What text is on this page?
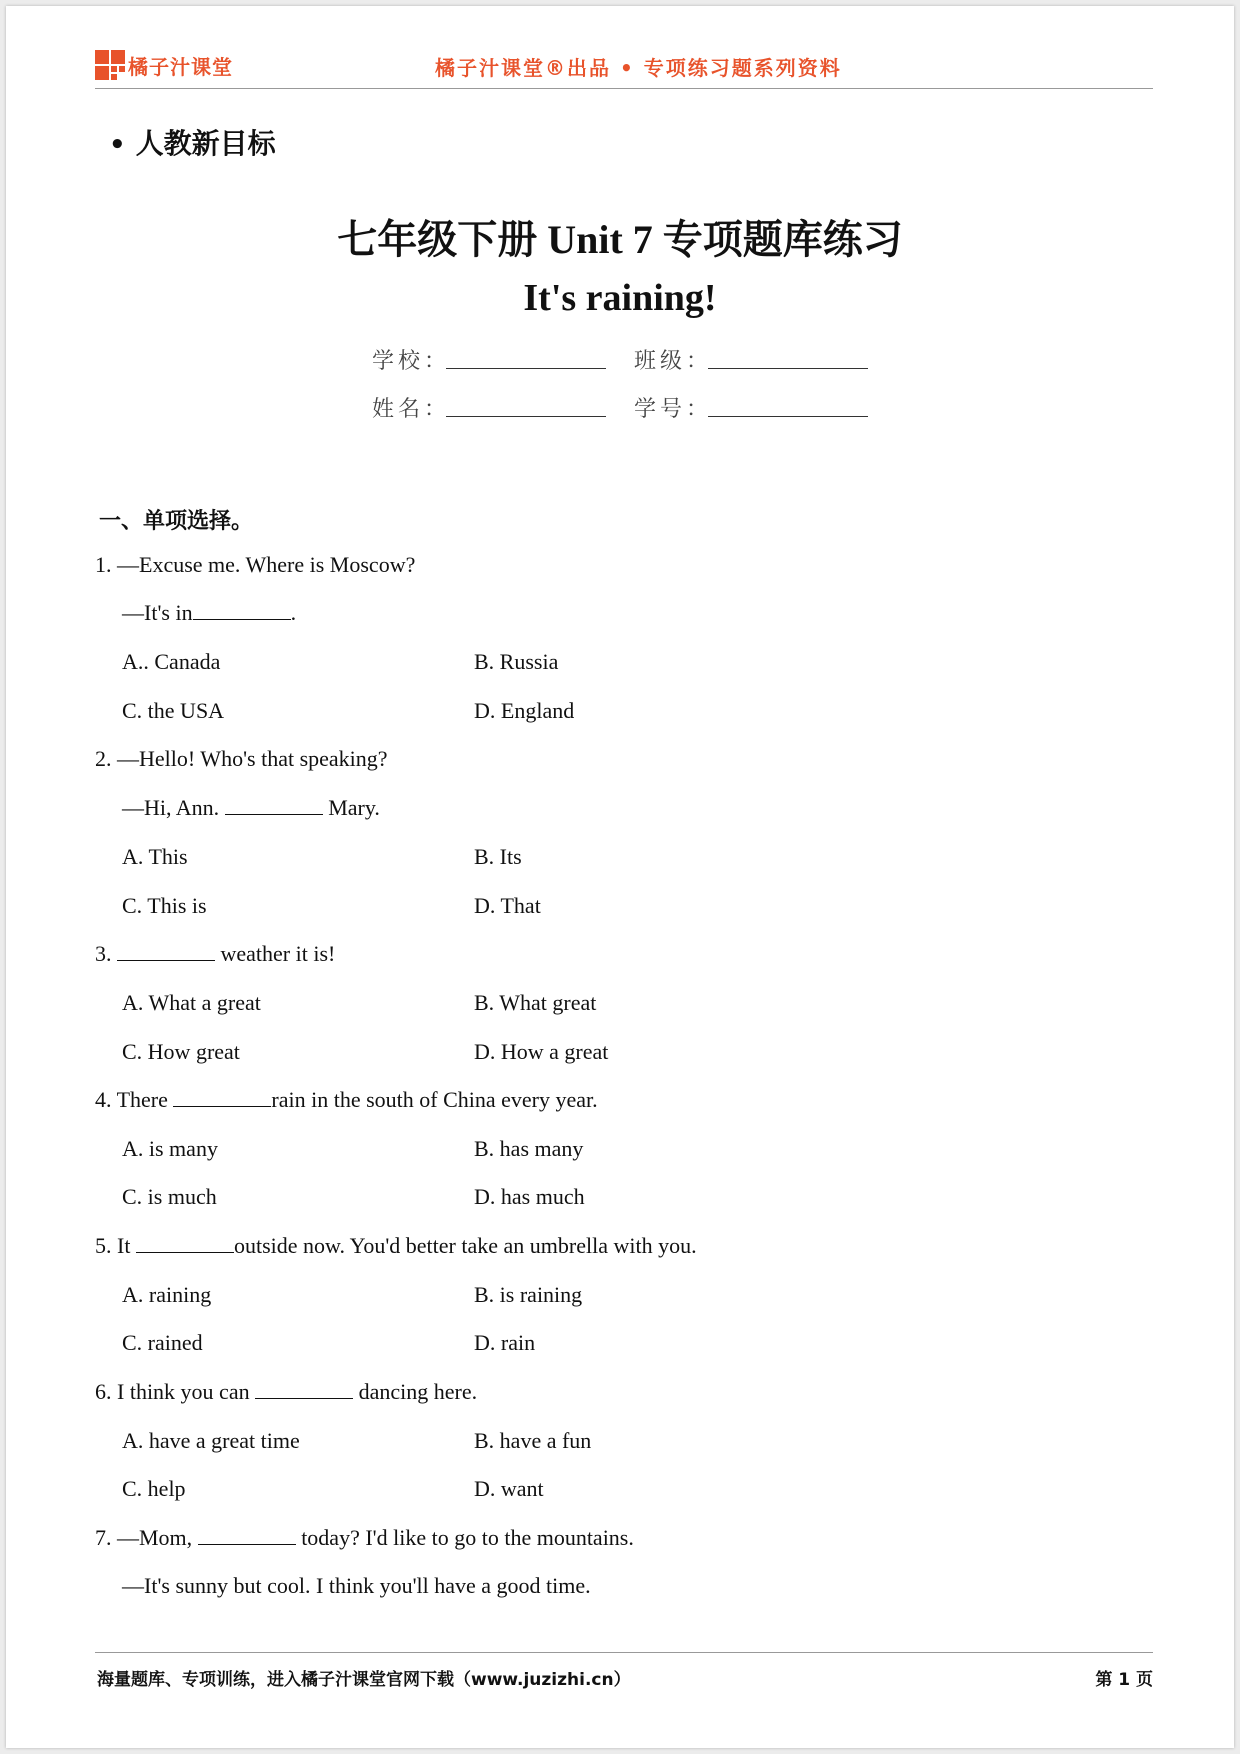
橘子汁课堂	橘子汁课堂®出品 • 专项练习题系列资料
• 人教新目标
七年级下册 Unit 7 专项题库练习
It's raining!
学校：	班级：
姓名：	学号：
一、单项选择。
1. —Excuse me. Where is Moscow?
—It's in	.
A.. Canada	B. Russia
C. the USA	D. England
2. —Hello! Who's that speaking?
—Hi, Ann.	Mary.
A. This	B. Its
C. This is	D. That
3.	weather it is!
A. What a great	B. What great
C. How great	D. How a great
4. There	rain in the south of China every year.
A. is many	B. has many
C. is much	D. has much
5. It	outside now. You'd better take an umbrella with you.
A. raining	B. is raining
C. rained	D. rain
6. I think you can	dancing here.
A. have a great time	B. have a fun
C. help	D. want
7. —Mom,	today? I'd like to go to the mountains.
—It's sunny but cool. I think you'll have a good time.
海量题库、专项训练，进入橘子汁课堂官网下载（www.juzizhi.cn）	第 1 页
